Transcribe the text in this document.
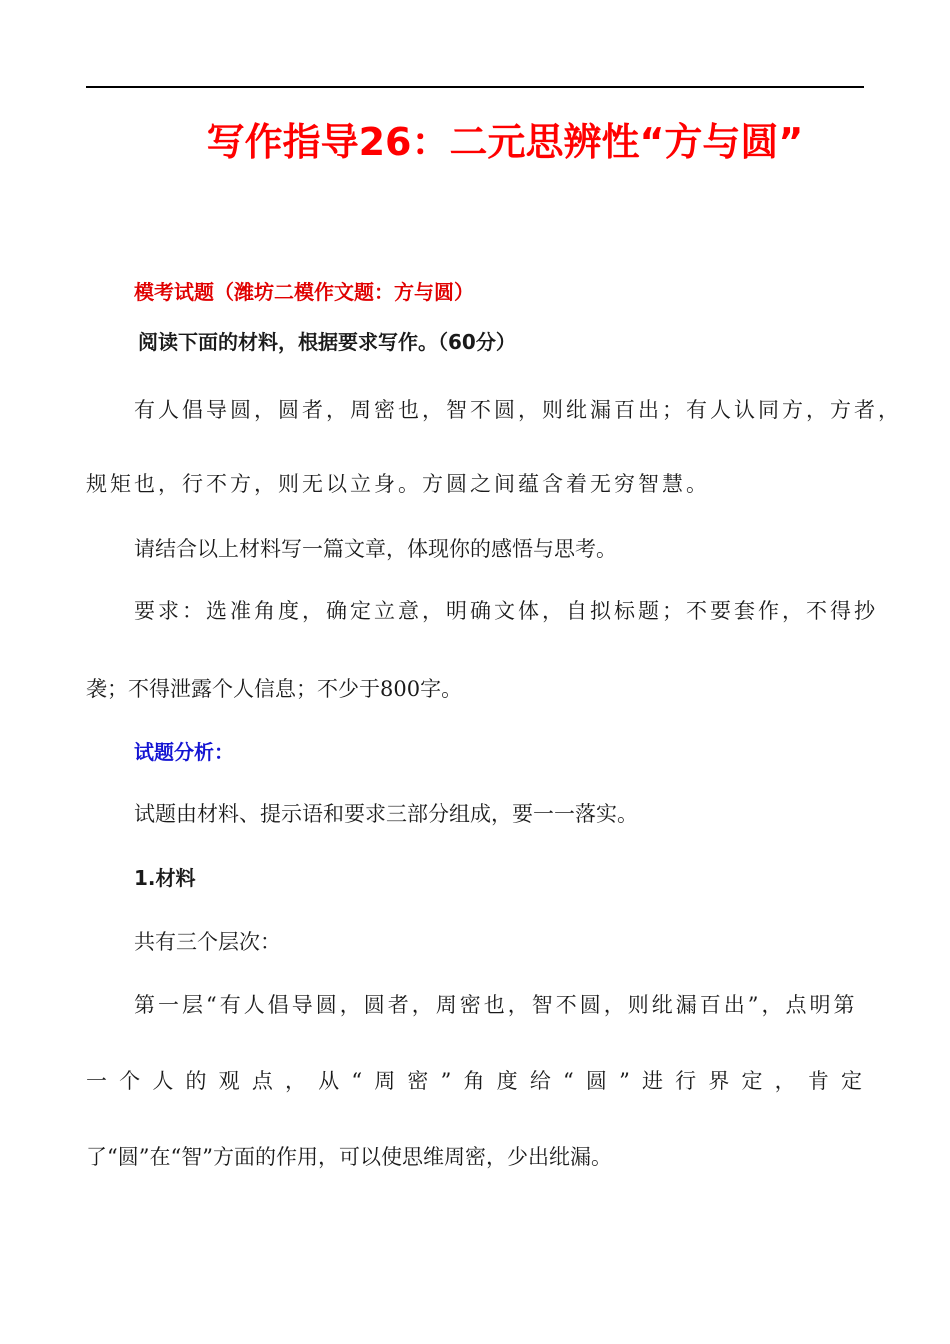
写作指导26：二元思辨性“方与圆”

模考试题（潍坊二模作文题：方与圆）

阅读下面的材料，根据要求写作。（60分）

有人倡导圆，圆者，周密也，智不圆，则纰漏百出；有人认同方，方者，

规矩也，行不方，则无以立身。方圆之间蕴含着无穷智慧。

请结合以上材料写一篇文章，体现你的感悟与思考。

要求：选准角度，确定立意，明确文体，自拟标题；不要套作，不得抄

袭；不得泄露个人信息；不少于800字。

试题分析：

试题由材料、提示语和要求三部分组成，要一一落实。

1.材料

共有三个层次：

第一层“有人倡导圆，圆者，周密也，智不圆，则纰漏百出”，点明第

一个人的观点，从“周密”角度给“圆”进行界定，肯定

了“圆”在“智”方面的作用，可以使思维周密，少出纰漏。
